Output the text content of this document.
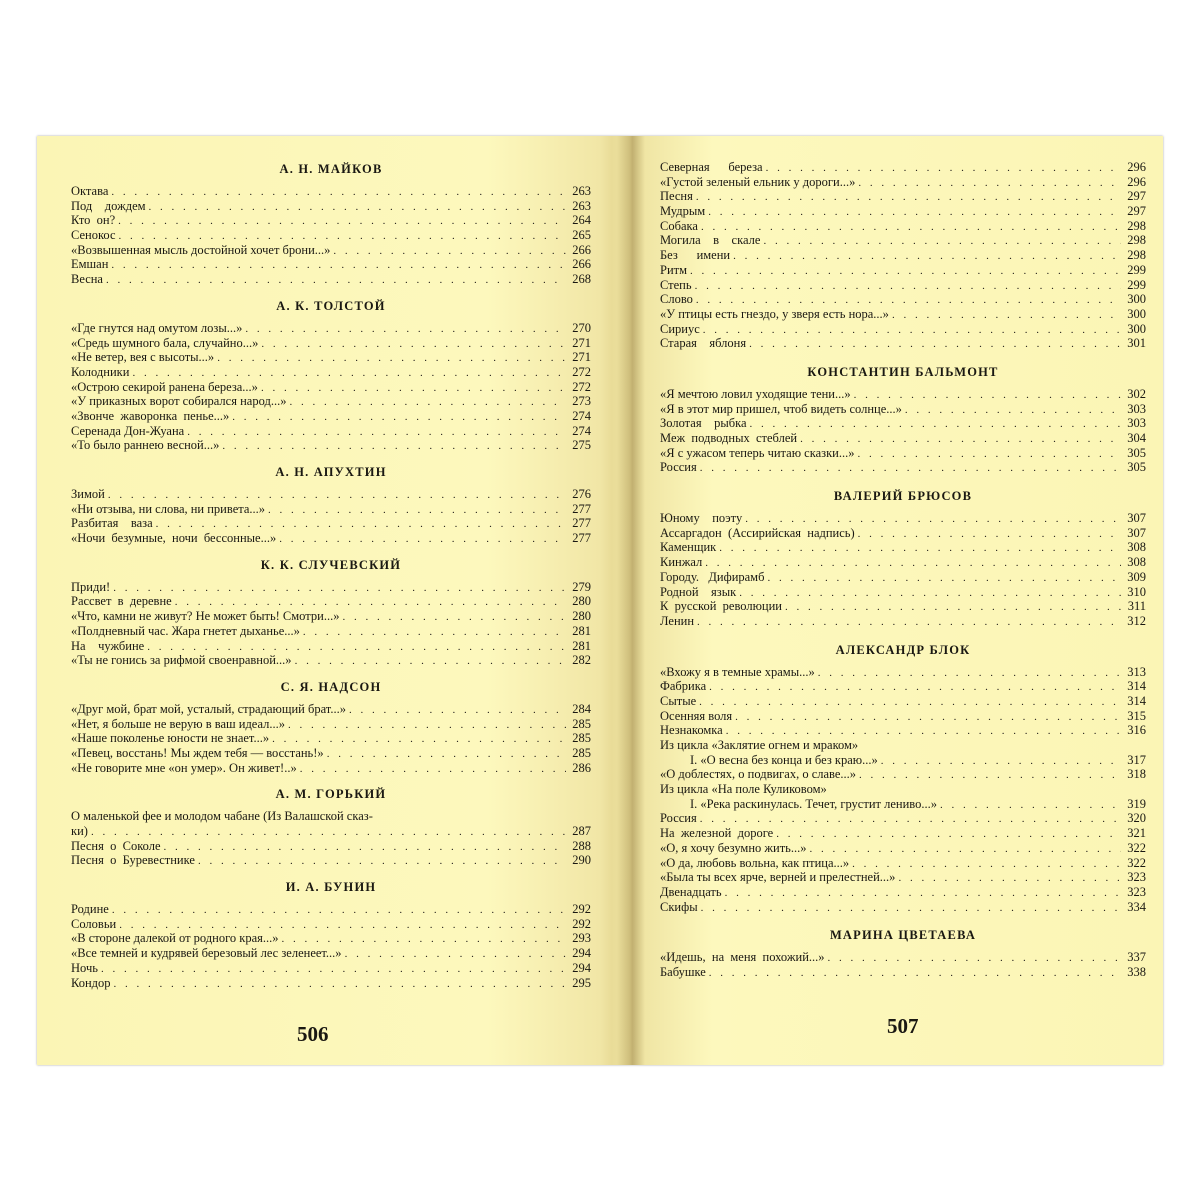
А. Н. МАЙКОВ
Октава . . .	263
Под    дождем . . .	263
Кто  он? . . .	264
Сенокос . . .	265
«Возвышенная мысль достойной хочет брони...» . . .	266
Емшан . . .	266
Весна . . .	268
А. К. ТОЛСТОЙ
«Где гнутся над омутом лозы...» . . .	270
«Средь шумного бала, случайно...» . . .	271
«Не ветер, вея с высоты...» . . .	271
Колодники . . .	272
«Острою секирой ранена береза...» . . .	272
«У приказных ворот собирался народ...» . . .	273
«Звонче  жаворонка  пенье...» . . .	274
Серенада Дон-Жуана . . .	274
«То было раннею весной...» . . .	275
А. Н. АПУХТИН
Зимой . . .	276
«Ни отзыва, ни слова, ни привета...» . . .	277
Разбитая    ваза . . .	277
«Ночи  безумные,  ночи  бессонные...» . . .	277
К. К. СЛУЧЕВСКИЙ
Приди! . . .	279
Рассвет  в  деревне . . .	280
«Что, камни не живут? Не может быть! Смотри...» . . .	280
«Полдневный час. Жара гнетет дыханье...» . . .	281
На    чужбине . . .	281
«Ты не гонись за рифмой своенравной...» . . .	282
С. Я. НАДСОН
«Друг мой, брат мой, усталый, страдающий брат...» . . .	284
«Нет, я больше не верую в ваш идеал...» . . .	285
«Наше поколенье юности не знает...» . . .	285
«Певец, восстань! Мы ждем тебя — восстань!» . . .	285
«Не говорите мне «он умер». Он живет!..» . . .	286
А. М. ГОРЬКИЙ
О маленькой фее и молодом чабане (Из Валашской сказ-
ки) . . .	287
Песня  о  Соколе . . .	288
Песня  о  Буревестнике . . .	290
И. А. БУНИН
Родине . . .	292
Соловьи . . .	292
«В стороне далекой от родного края...» . . .	293
«Все темней и кудрявей березовый лес зеленеет...» . . .	294
Ночь . . .	294
Кондор . . .	295
Северная      береза . . .	296
«Густой зеленый ельник у дороги...» . . .	296
Песня . . .	297
Мудрым . . .	297
Собака . . .	298
Могила    в    скале . . .	298
Без      имени . . .	298
Ритм . . .	299
Степь . . .	299
Слово . . .	300
«У птицы есть гнездо, у зверя есть нора...» . . .	300
Сириус . . .	300
Старая    яблоня . . .	301
КОНСТАНТИН БАЛЬМОНТ
«Я мечтою ловил уходящие тени...» . . .	302
«Я в этот мир пришел, чтоб видеть солнце...» . . .	303
Золотая    рыбка . . .	303
Меж  подводных  стеблей . . .	304
«Я с ужасом теперь читаю сказки...» . . .	305
Россия . . .	305
ВАЛЕРИЙ БРЮСОВ
Юному    поэту . . .	307
Ассаргадон  (Ассирийская  надпись) . . .	307
Каменщик . . .	308
Кинжал . . .	308
Городу.   Дифирамб . . .	309
Родной    язык . . .	310
К  русской  революции . . .	311
Ленин . . .	312
АЛЕКСАНДР БЛОК
«Вхожу я в темные храмы...» . . .	313
Фабрика . . .	314
Сытые . . .	314
Осенняя воля . . .	315
Незнакомка . . .	316
Из цикла «Заклятие огнем и мраком»
I. «О весна без конца и без краю...» . . .	317
«О доблестях, о подвигах, о славе...» . . .	318
Из цикла «На поле Куликовом»
I. «Река раскинулась. Течет, грустит лениво...» . . .	319
Россия . . .	320
На  железной  дороге . . .	321
«О, я хочу безумно жить...» . . .	322
«О да, любовь вольна, как птица...» . . .	322
«Была ты всех ярче, верней и прелестней...» . . .	323
Двенадцать . . .	323
Скифы . . .	334
МАРИНА ЦВЕТАЕВА
«Идешь,  на  меня  похожий...» . . .	337
Бабушке . . .	338
506	507
